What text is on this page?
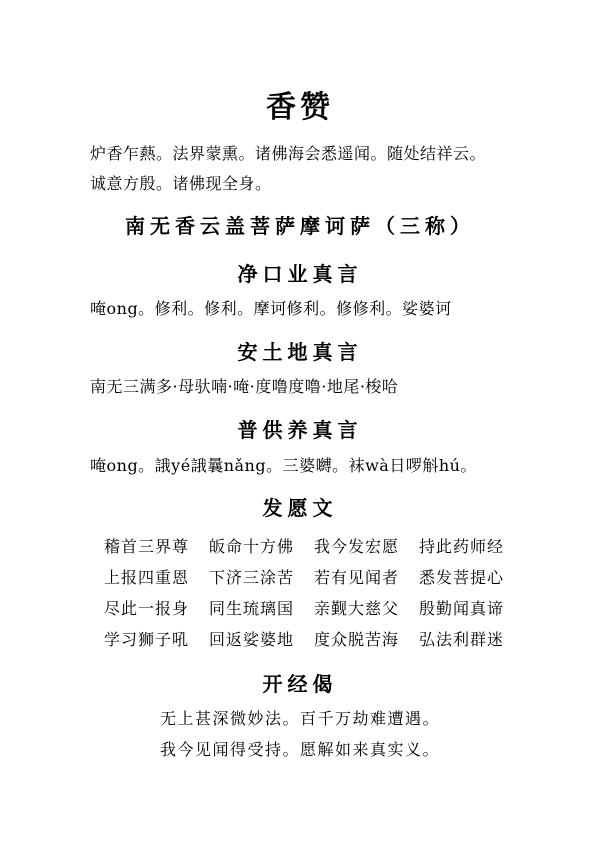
香赞
炉香乍爇。法界蒙熏。诸佛海会悉遥闻。随处结祥云。
诚意方殷。诸佛现全身。
南无香云盖菩萨摩诃萨（三称）
净口业真言
唵ong。修利。修利。摩诃修利。修修利。娑婆诃
安土地真言
南无三满多·母驮喃·唵·度噜度噜·地尾·梭哈
普供养真言
唵ong。誐yé誐曩nǎng。三婆嚩。袜wà日啰斛hú。
发愿文
稽首三界尊 皈命十方佛 我今发宏愿 持此药师经
上报四重恩 下济三涂苦 若有见闻者 悉发菩提心
尽此一报身 同生琉璃国 亲觐大慈父 殷勤闻真谛
学习狮子吼 回返娑婆地 度众脱苦海 弘法利群迷
开经偈
无上甚深微妙法。百千万劫难遭遇。
我今见闻得受持。愿解如来真实义。
